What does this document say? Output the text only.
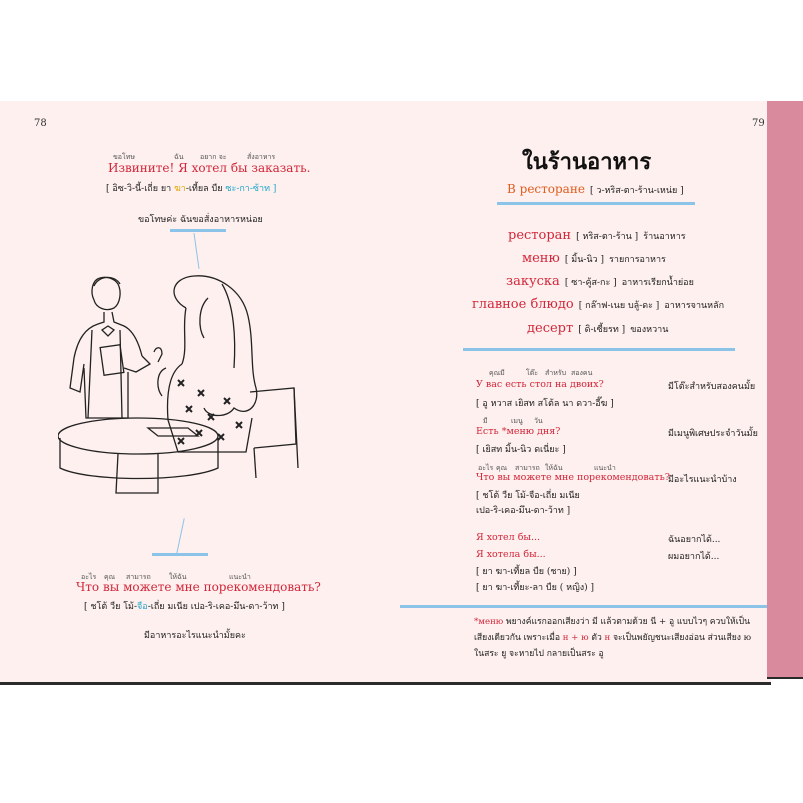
78
ขอโทษ	ฉัน อยาก จะ	สั่งอาหาร
Извините! Я хотел бы заказать.
[ อิซ-วิ-นี้-เถี่ย ยา ฆา-เที้ยล บืย ซะ-กา-ซ้าท ]
ขอโทษค่ะ ฉันขอสั่งอาหารหน่อย
อะไร คุณ สามารถ	ให้ฉัน	แนะนำ
Что вы можете мне порекомендовать?
[ ชโต้ วืย โม้-จือ-เถี่ย มเนีย เปอ-ริ-เคอ-มึน-ดา-ว้าท ]
มีอาหารอะไรแนะนำมั้ยคะ
79
ในร้านอาหาร
В ресторане [ ว-หริส-ตา-ร้าน-เหน่ย ]
ресторан [ หริส-ตา-ร้าน ] ร้านอาหาร
меню [ มิ้น-นิว ] รายการอาหาร
закуска [ ซา-คู้ส-กะ ] อาหารเรียกน้ำย่อย
главное блюдо [ กล๊าฟ-เนย บลู้-ดะ ] อาหารจานหลัก
десерт [ ดิ-เซี้ยรท ] ของหวาน
คุณมี	โต๊ะ สำหรับ สองคน
У вас есть стол на двоих?	มีโต๊ะสำหรับสองคนมั้ย
[ อู หวาส เยิสท สโต้ล นา ดวา-อี๊ฆ ]
มี	เมนู วัน
Есть *меню дня?	มีเมนูพิเศษประจำวันมั้ย
[ เยิสท มิ้น-นิว ดเนี่ยะ ]
อะไร คุณ สามารถ ให้ฉัน	แนะนำ
Что вы можете мне порекомендовать?
มีอะไรแนะนำบ้าง
[ ชโต้ วืย โม้-จือ-เถี่ย มเนีย
เปอ-ริ-เคอ-มึน-ดา-ว้าท ]
Я хотел бы...	ฉันอยากได้...
Я хотела бы...	ผมอยากได้...
[ ยา ฆา-เที้ยล บืย (ชาย) ]
[ ยา ฆา-เที้ยะ-ลา บืย ( หญิง) ]
*меню พยางค์แรกออกเสียงว่า มี แล้วตามด้วย นี + อู แบบไวๆ ควบให้เป็น
เสียงเดียวกัน เพราะเมื่อ н + ю ตัว н จะเป็นพยัญชนะเสียงอ่อน ส่วนเสียง ю
ในสระ ยู จะหายไป กลายเป็นสระ อู
